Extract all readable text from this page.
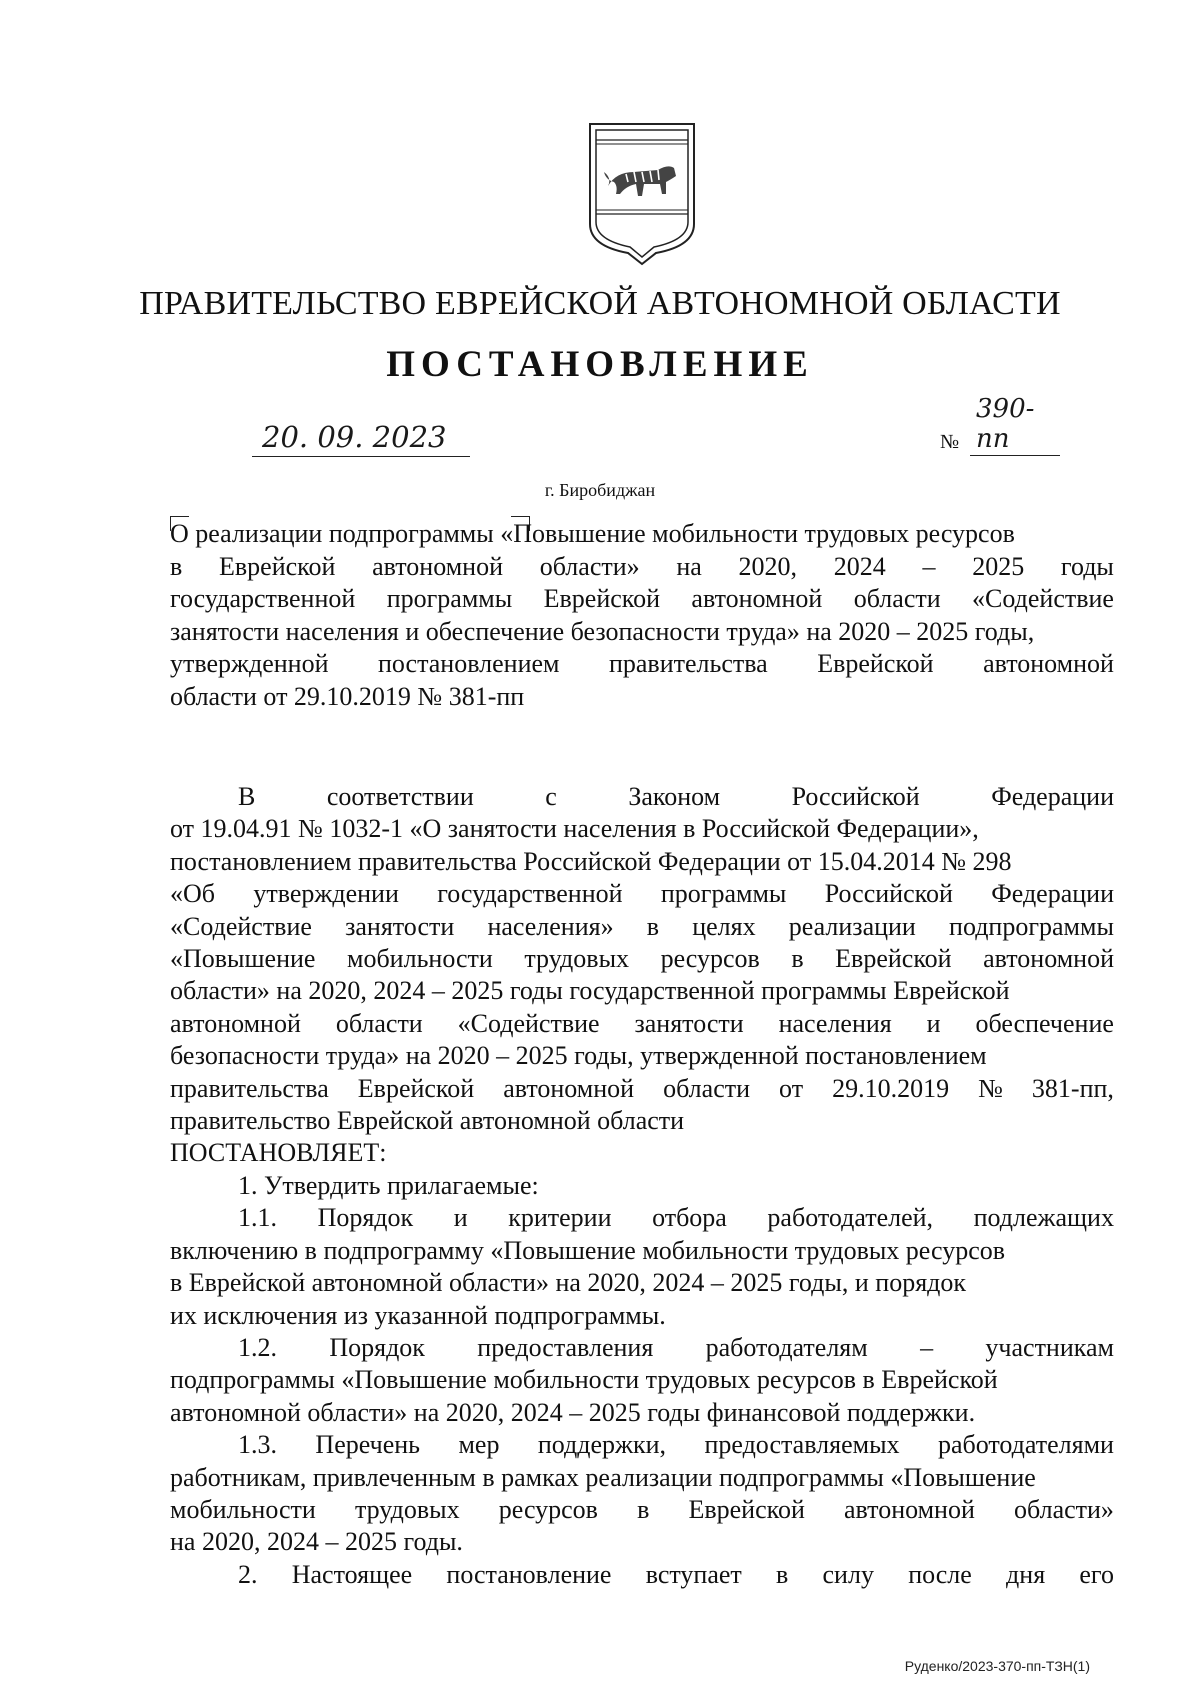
ПРАВИТЕЛЬСТВО ЕВРЕЙСКОЙ АВТОНОМНОЙ ОБЛАСТИ
ПОСТАНОВЛЕНИЕ
20. 09. 2023	№
390-пп
г. Биробиджан
О реализации подпрограммы «Повышение мобильности трудовых ресурсов
в Еврейской автономной области» на 2020, 2024 – 2025 годы
государственной программы Еврейской автономной области «Содействие
занятости населения и обеспечение безопасности труда» на 2020 – 2025 годы,
утвержденной постановлением правительства Еврейской автономной
области от 29.10.2019 № 381-пп
В	соответствии	с	Законом	Российской	Федерации
от 19.04.91 № 1032-1 «О занятости населения в Российской Федерации»,
постановлением правительства Российской Федерации от 15.04.2014 № 298
«Об утверждении государственной программы Российской Федерации
«Содействие занятости населения» в целях реализации подпрограммы
«Повышение мобильности трудовых ресурсов в Еврейской автономной
области» на 2020, 2024 – 2025 годы государственной программы Еврейской
автономной области «Содействие занятости населения и обеспечение
безопасности труда» на 2020 – 2025 годы, утвержденной постановлением
правительства Еврейской автономной области от 29.10.2019 № 381-пп,
правительство Еврейской автономной области
ПОСТАНОВЛЯЕТ:
1. Утвердить прилагаемые:
1.1. Порядок и критерии отбора работодателей, подлежащих
включению в подпрограмму «Повышение мобильности трудовых ресурсов
в Еврейской автономной области» на 2020, 2024 – 2025 годы, и порядок
их исключения из указанной подпрограммы.
1.2. Порядок предоставления работодателям – участникам
подпрограммы «Повышение мобильности трудовых ресурсов в Еврейской
автономной области» на 2020, 2024 – 2025 годы финансовой поддержки.
1.3. Перечень мер поддержки, предоставляемых работодателями
работникам, привлеченным в рамках реализации подпрограммы «Повышение
мобильности трудовых ресурсов в Еврейской автономной области»
на 2020, 2024 – 2025 годы.
2. Настоящее постановление вступает в силу после дня его
Руденко/2023-370-пп-ТЗН(1)
